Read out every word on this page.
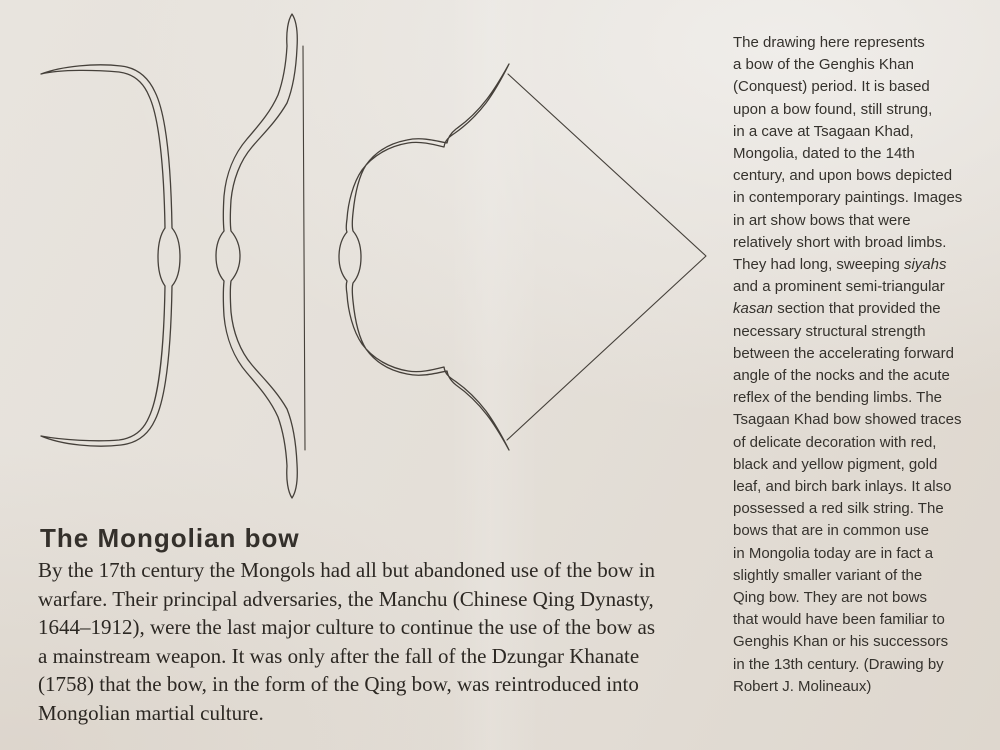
The Mongolian bow
By the 17th century the Mongols had all but abandoned use of the bow in
warfare. Their principal adversaries, the Manchu (Chinese Qing Dynasty,
1644–1912), were the last major culture to continue the use of the bow as
a mainstream weapon. It was only after the fall of the Dzungar Khanate
(1758) that the bow, in the form of the Qing bow, was reintroduced into
Mongolian martial culture.
The drawing here represents
a bow of the Genghis Khan
(Conquest) period. It is based
upon a bow found, still strung,
in a cave at Tsagaan Khad,
Mongolia, dated to the 14th
century, and upon bows depicted
in contemporary paintings. Images
in art show bows that were
relatively short with broad limbs.
They had long, sweeping siyahs
and a prominent semi-triangular
kasan section that provided the
necessary structural strength
between the accelerating forward
angle of the nocks and the acute
reflex of the bending limbs. The
Tsagaan Khad bow showed traces
of delicate decoration with red,
black and yellow pigment, gold
leaf, and birch bark inlays. It also
possessed a red silk string. The
bows that are in common use
in Mongolia today are in fact a
slightly smaller variant of the
Qing bow. They are not bows
that would have been familiar to
Genghis Khan or his successors
in the 13th century. (Drawing by
Robert J. Molineaux)
